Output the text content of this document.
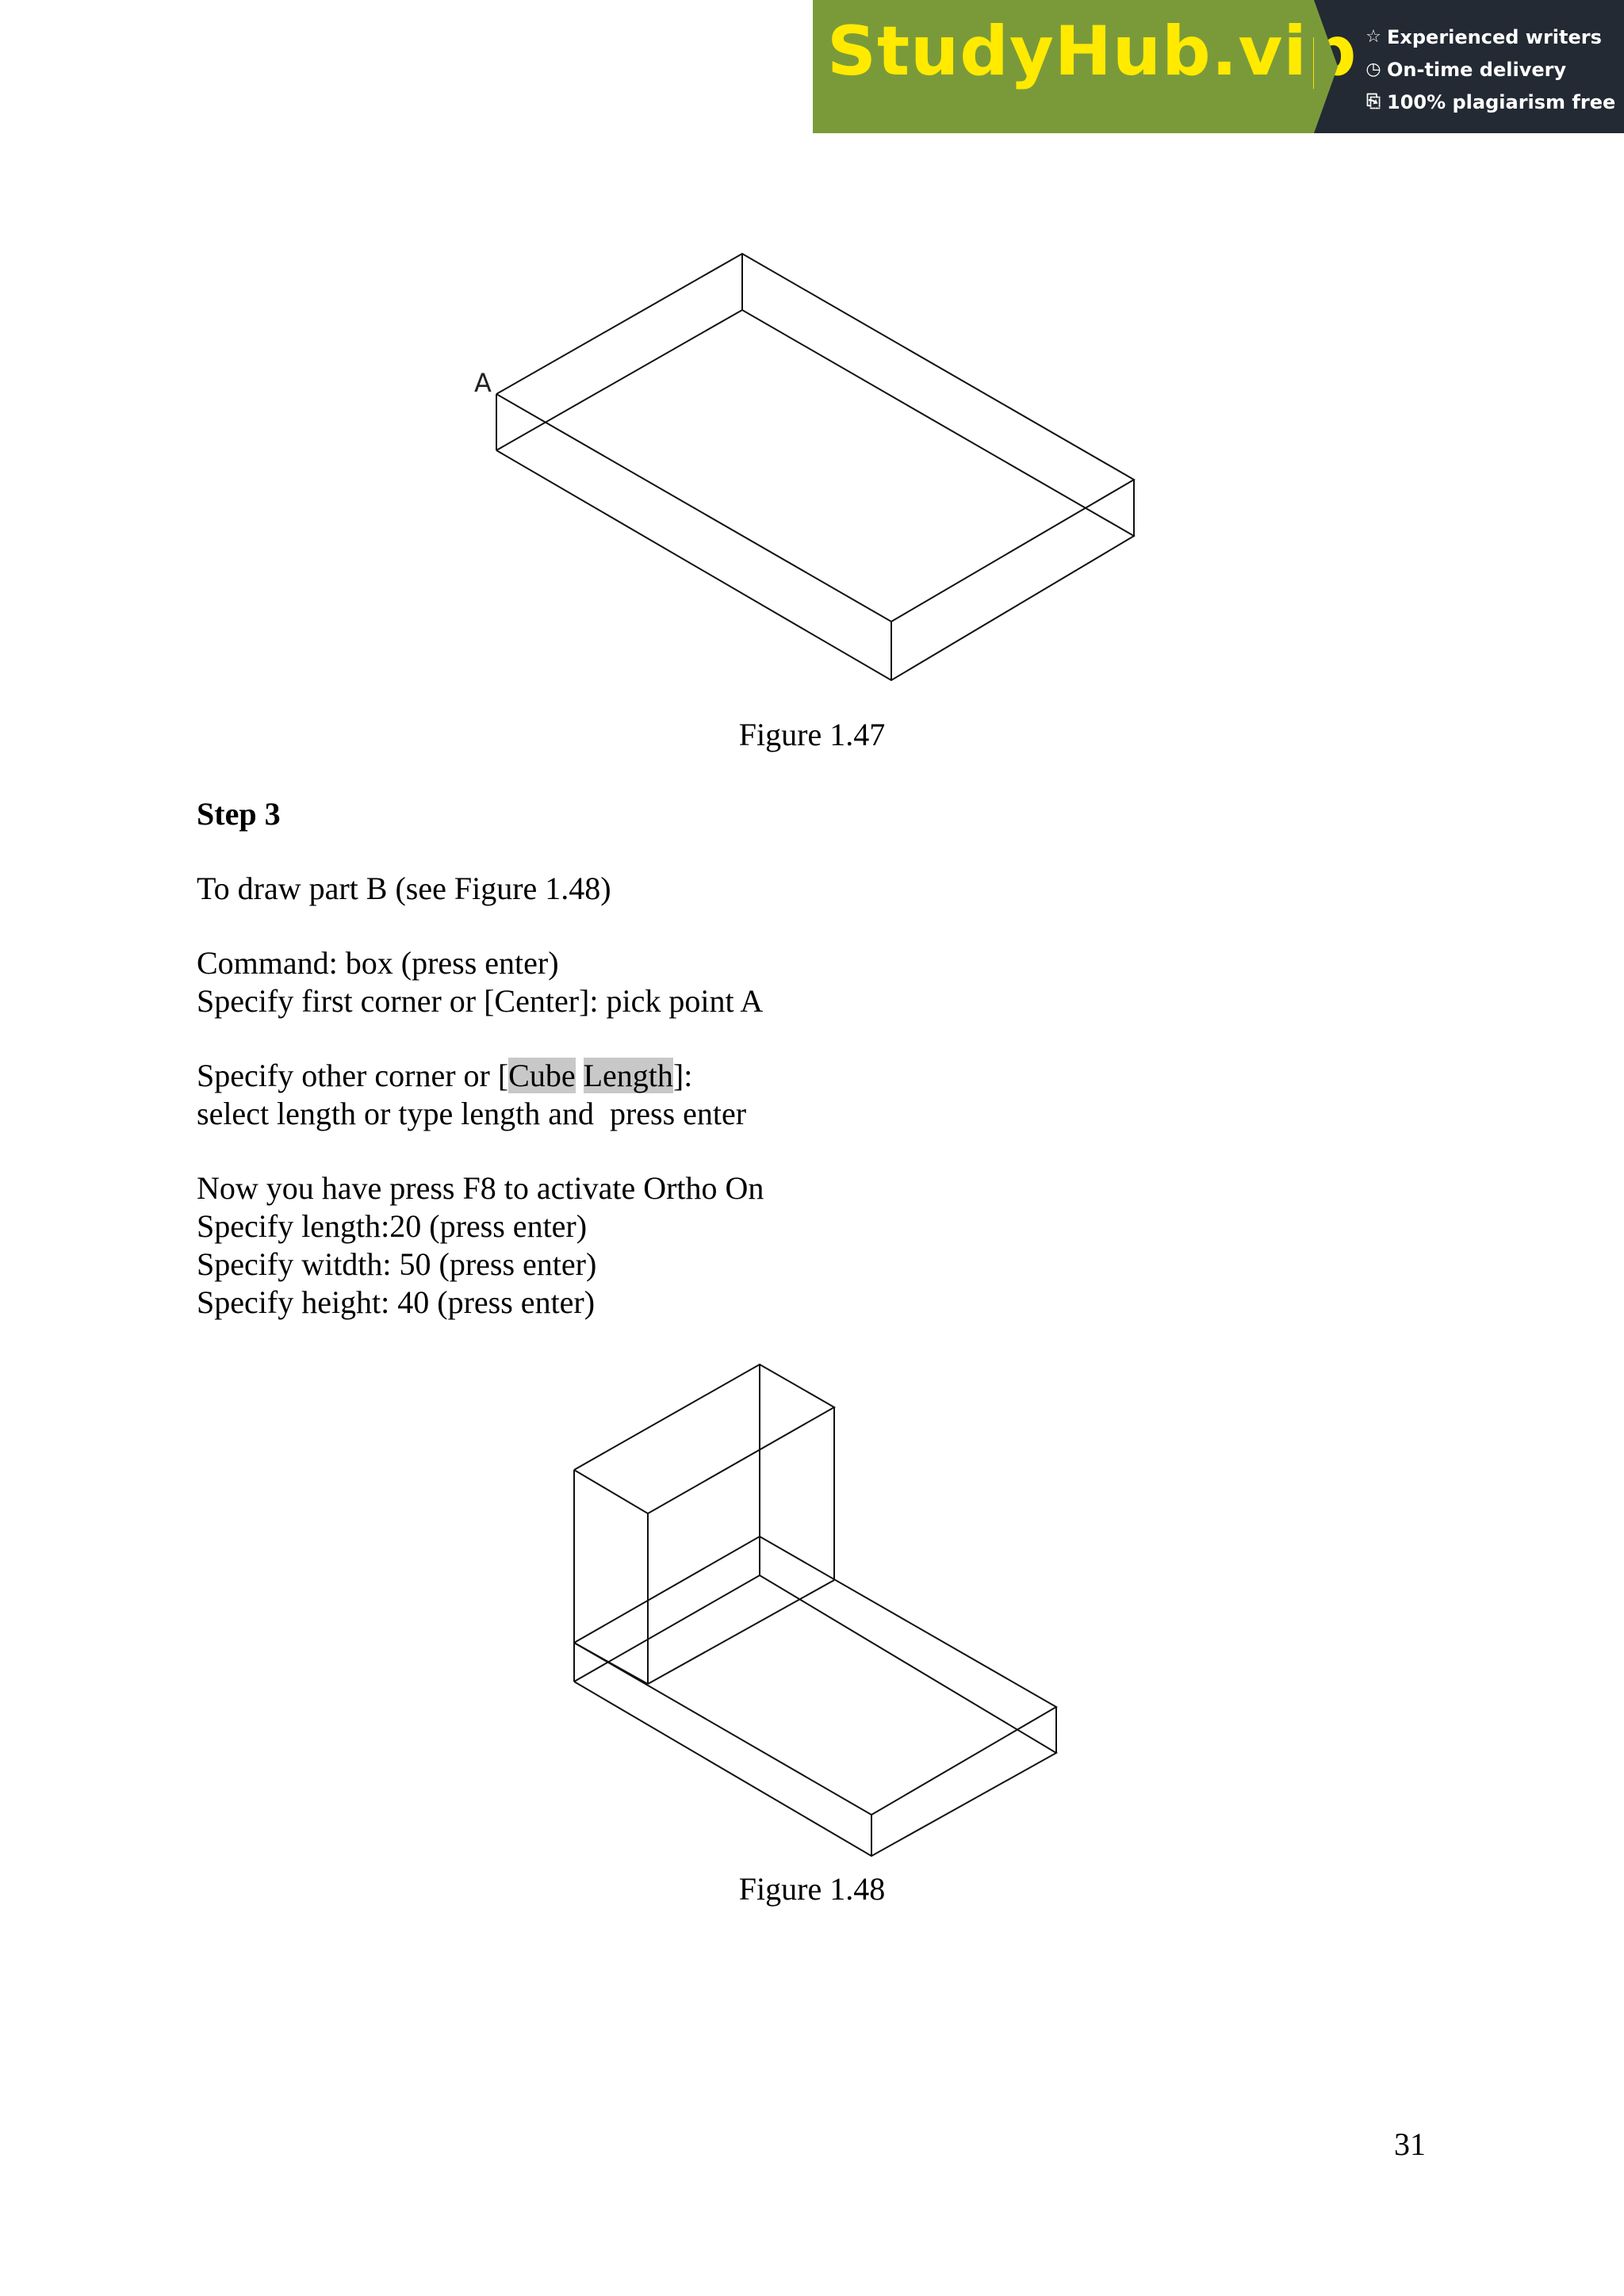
StudyHub.vip ☆ Experienced writers
◷ On-time delivery
⎘ 100% plagiarism free
A
Figure 1.47

Step 3

To draw part B (see Figure 1.48)

Command: box (press enter)

Specify first corner or [Center]: pick point A

Specify other corner or [Cube Length]:

select length or type length and  press enter

Now you have press F8 to activate Ortho On

Specify length:20 (press enter)

Specify witdth: 50 (press enter)

Specify height: 40 (press enter)

Figure 1.48
31
